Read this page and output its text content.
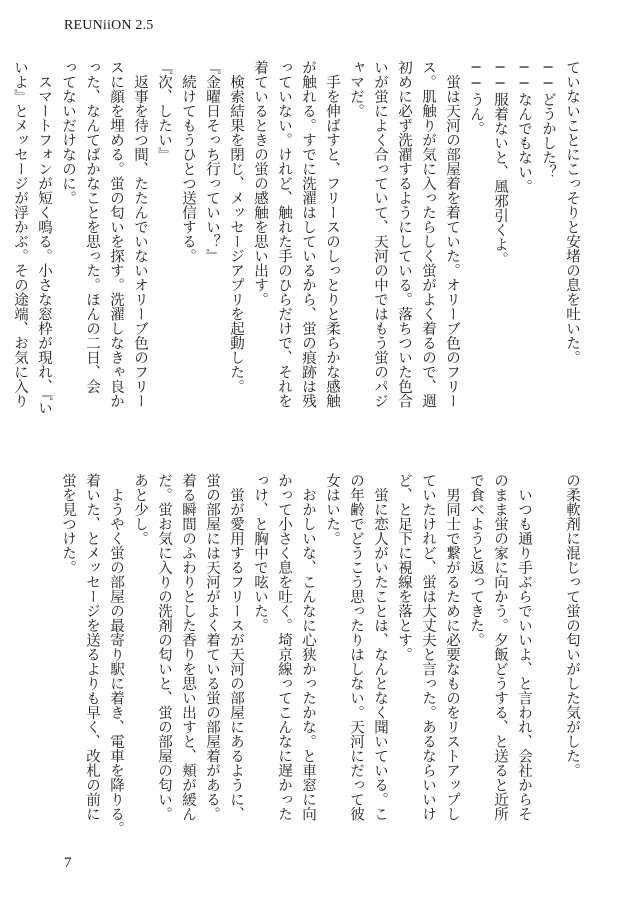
REUNiiON 2.5
ていないことにこっそりと安堵の息を吐いた。
──どうかした？
──なんでもない。
──服着ないと、風邪引くよ。
──うん。
　蛍は天河の部屋着を着ていた。オリーブ色のフリー
ス。肌触りが気に入ったらしく蛍がよく着るので、週
初めに必ず洗濯するようにしている。落ちついた色合
いが蛍によく合っていて、天河の中ではもう蛍のパジ
ャマだ。
　手を伸ばすと、フリースのしっとりと柔らかな感触
が触れる。すでに洗濯はしているから、蛍の痕跡は残
っていない。けれど、触れた手のひらだけで、それを
着ているときの蛍の感触を思い出す。
　検索結果を閉じ、メッセージアプリを起動した。
『金曜日そっち行っていい？』
　続けてもうひとつ送信する。
『次、したい』
　返事を待つ間、たたんでいないオリーブ色のフリー
スに顔を埋める。蛍の匂いを探す。洗濯しなきゃ良か
った、なんてばかなことを思った。ほんの二日、会
ってないだけなのに。
　スマートフォンが短く鳴る。小さな窓枠が現れ、『い
いよ』とメッセージが浮かぶ。その途端、お気に入り
の柔軟剤に混じって蛍の匂いがした気がした。

　いつも通り手ぶらでいいよ、と言われ、会社からそ
のまま蛍の家に向かう。夕飯どうする、と送ると近所
で食べようと返ってきた。
　男同士で繋がるために必要なものをリストアップし
ていたけれど、蛍は大丈夫と言った。あるならいいけ
ど、と足下に視線を落とす。
　蛍に恋人がいたことは、なんとなく聞いている。こ
の年齢でどうこう思ったりはしない。天河にだって彼
女はいた。
　おかしいな、こんなに心狭かったかな。と車窓に向
かって小さく息を吐く。埼京線ってこんなに遅かった
っけ、と胸中で呟いた。
　蛍が愛用するフリースが天河の部屋にあるように、
蛍の部屋には天河がよく着ている蛍の部屋着がある。
着る瞬間のふわりとした香りを思い出すと、頬が緩ん
だ。蛍お気に入りの洗剤の匂いと、蛍の部屋の匂い。
あと少し。
　ようやく蛍の部屋の最寄り駅に着き、電車を降りる。
着いた、とメッセージを送るよりも早く、改札の前に
蛍を見つけた。
7
